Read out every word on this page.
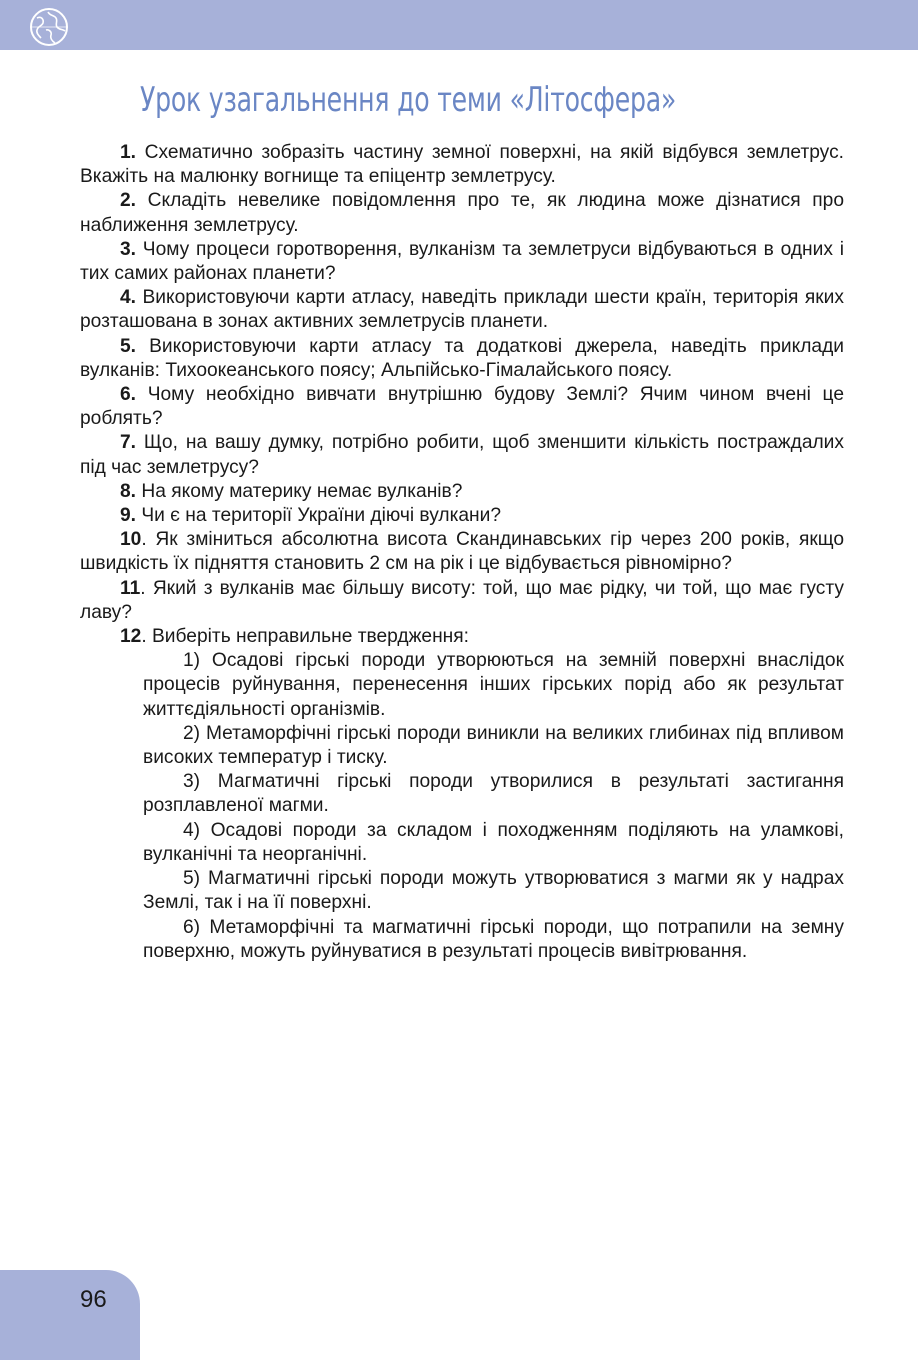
Урок узагальнення до теми «Літосфера»

1. Схематично зобразіть частину земної поверхні, на якій відбувся землетрус. Вкажіть на малюнку вогнище та епіцентр землетрусу.

2. Складіть невелике повідомлення про те, як людина може дізнатися про наближення землетрусу.

3. Чому процеси горотворення, вулканізм та землетруси відбуваються в одних і тих самих районах планети?

4. Використовуючи карти атласу, наведіть приклади шести країн, територія яких розташована в зонах активних землетрусів планети.

5. Використовуючи карти атласу та додаткові джерела, наведіть приклади вулканів: Тихоокеанського поясу; Альпійсько-Гімалайського поясу.

6. Чому необхідно вивчати внутрішню будову Землі? Ячим чином вчені це роблять?

7. Що, на вашу думку, потрібно робити, щоб зменшити кількість постраждалих під час землетрусу?

8. На якому материку немає вулканів?

9. Чи є на території України діючі вулкани?

10. Як зміниться абсолютна висота Скандинавських гір через 200 років, якщо швидкість їх підняття становить 2 см на рік і це відбувається рівномірно?

11. Який з вулканів має більшу висоту: той, що має рідку, чи той, що має густу лаву?

12. Виберіть неправильне твердження:

1) Осадові гірські породи утворюються на земній поверхні внаслідок процесів руйнування, перенесення інших гірських порід або як результат життєдіяльності організмів.

2) Метаморфічні гірські породи виникли на великих глибинах під впливом високих температур і тиску.

3) Магматичні гірські породи утворилися в результаті застигання розплавленої магми.

4) Осадові породи за складом і походженням поділяють на уламкові, вулканічні та неорганічні.

5) Магматичні гірські породи можуть утворюватися з магми як у надрах Землі, так і на її поверхні.

6) Метаморфічні та магматичні гірські породи, що потрапили на земну поверхню, можуть руйнуватися в результаті процесів вивітрювання.

96
